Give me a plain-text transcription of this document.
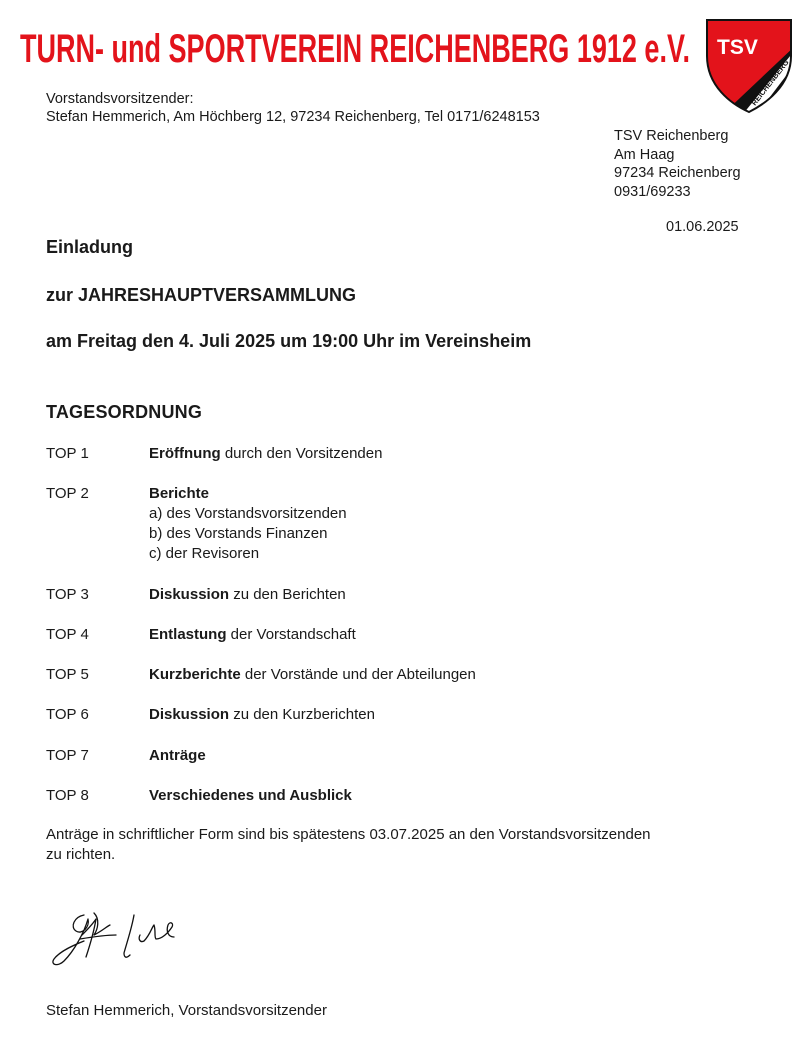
TURN- und SPORTVEREIN REICHENBERG 1912 e.V. TSV
REICHENBERG
Vorstandsvorsitzender:
Stefan Hemmerich, Am Höchberg 12, 97234 Reichenberg, Tel 0171/6248153
TSV Reichenberg
Am Haag
97234 Reichenberg
0931/69233
01.06.2025
Einladung
zur JAHRESHAUPTVERSAMMLUNG
am Freitag den 4. Juli 2025 um 19:00 Uhr im Vereinsheim
TAGESORDNUNG
TOP 1	Eröffnung durch den Vorsitzenden
TOP 2	Berichte
a) des Vorstandsvorsitzenden
b) des Vorstands Finanzen
c) der Revisoren
TOP 3	Diskussion zu den Berichten
TOP 4	Entlastung der Vorstandschaft
TOP 5	Kurzberichte der Vorstände und der Abteilungen
TOP 6	Diskussion zu den Kurzberichten
TOP 7	Anträge
TOP 8	Verschiedenes und Ausblick
Anträge in schriftlicher Form sind bis spätestens 03.07.2025 an den Vorstandsvorsitzenden
zu richten.
Stefan Hemmerich, Vorstandsvorsitzender
